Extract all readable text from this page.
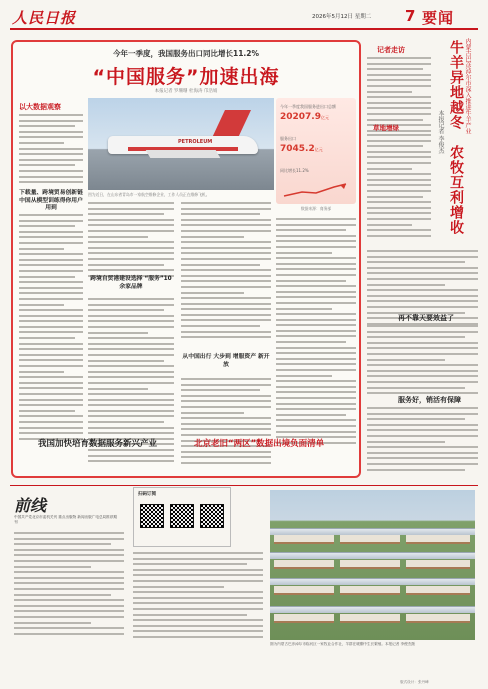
人民日报	2026年5月12日 星期二 7 要闻
今年一季度，我国服务出口同比增长11.2%
“中国服务”加速出海
本报记者 罗珊珊 杜海涛 邝浩娟
以大数据观察
下载量、跨境贸易创新链 中国从模型训练得你用户用到
PETROLEUM
图为近日，在山东省青岛市一家航空维修企业，工作人员正在维修飞机。
今年一季度我国服务进出口总额
20207.9亿元
服务出口
7045.2亿元
同比增长11.2%
数据来源：商务部
跨境自贸港建设选择 “服务”10余家品牌
从中国出行 大步到 增服资产 新开放
记者走访
草地增绿	内蒙古巴彦淖尔市深入推进牛羊产业
牛羊异地越冬
农牧互利增收
本报记者 李俊杰
再不靠天要效益了
服务好，销活有保障
我国加快培育数据服务新兴产业	北京老旧“两区”数据出境负面清单
前线
中国共产党北京市委机关刊 重点出版物 新闻出版广电总局推荐期刊
扫码订阅
图为内蒙古巴彦淖尔市临河区一家牧业合作社，羊群在暖棚中生长繁殖。本报记者 李俊杰摄
版式设计：张丹峰
